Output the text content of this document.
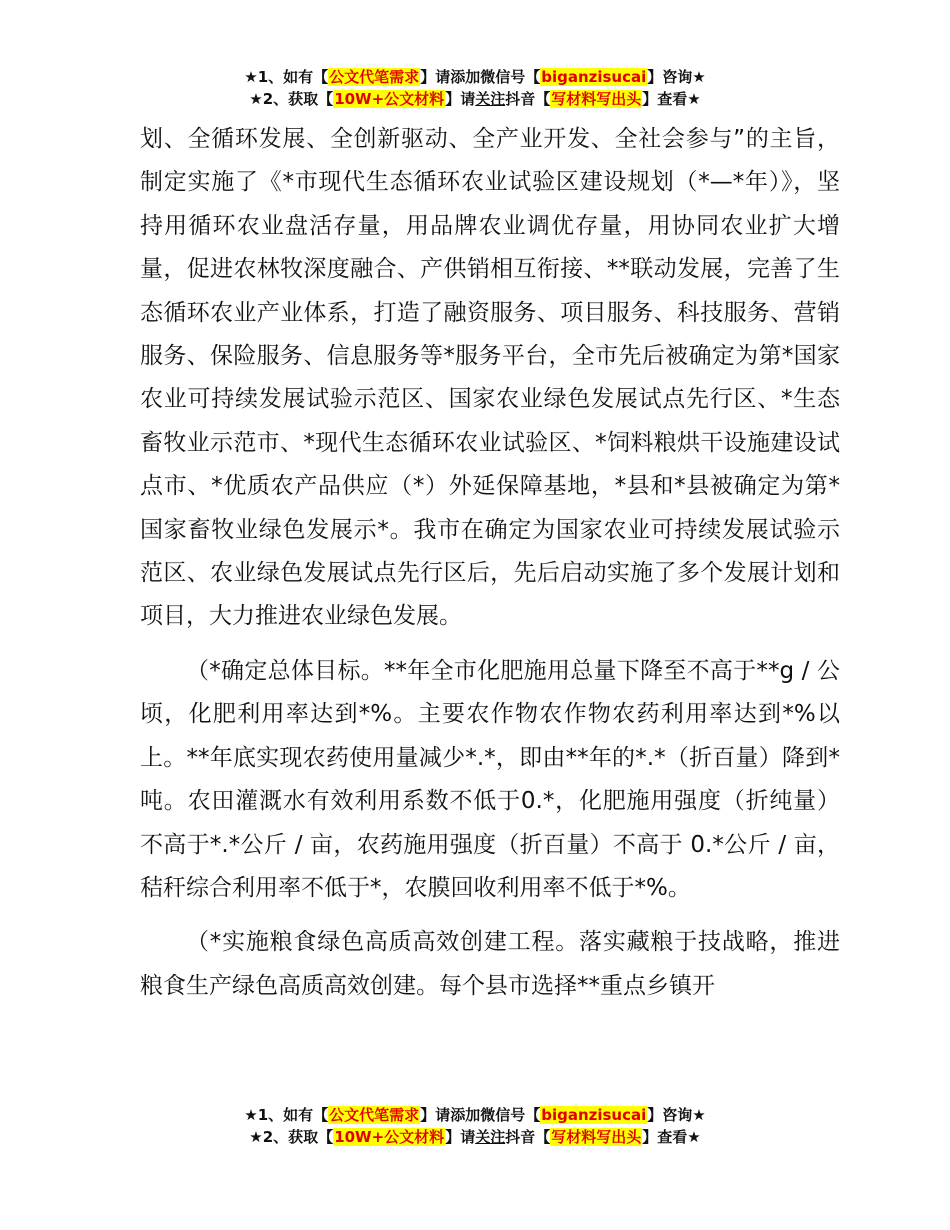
★1、如有【公文代笔需求】请添加微信号【biganzisucai】咨询★
★2、获取【10W+公文材料】请关注抖音【写材料写出头】查看★

划、全循环发展、全创新驱动、全产业开发、全社会参与”的主旨，制定实施了《*市现代生态循环农业试验区建设规划（*—*年）》，坚持用循环农业盘活存量，用品牌农业调优存量，用协同农业扩大增量，促进农林牧深度融合、产供销相互衔接、**联动发展，完善了生态循环农业产业体系，打造了融资服务、项目服务、科技服务、营销服务、保险服务、信息服务等*服务平台，全市先后被确定为第*国家农业可持续发展试验示范区、国家农业绿色发展试点先行区、*生态畜牧业示范市、*现代生态循环农业试验区、*饲料粮烘干设施建设试点市、*优质农产品供应（*）外延保障基地，*县和*县被确定为第*国家畜牧业绿色发展示*。我市在确定为国家农业可持续发展试验示范区、农业绿色发展试点先行区后，先后启动实施了多个发展计划和项目，大力推进农业绿色发展。

（*确定总体目标。**年全市化肥施用总量下降至不高于**g / 公顷，化肥利用率达到*%。主要农作物农作物农药利用率达到*%以上。**年底实现农药使用量减少*.*，即由**年的*.*（折百量）降到*吨。农田灌溉水有效利用系数不低于0.*，化肥施用强度（折纯量）不高于*.*公斤 / 亩，农药施用强度（折百量）不高于 0.*公斤 / 亩，秸秆综合利用率不低于*，农膜回收利用率不低于*%。

（*实施粮食绿色高质高效创建工程。落实藏粮于技战略，推进粮食生产绿色高质高效创建。每个县市选择**重点乡镇开

★1、如有【公文代笔需求】请添加微信号【biganzisucai】咨询★
★2、获取【10W+公文材料】请关注抖音【写材料写出头】查看★
